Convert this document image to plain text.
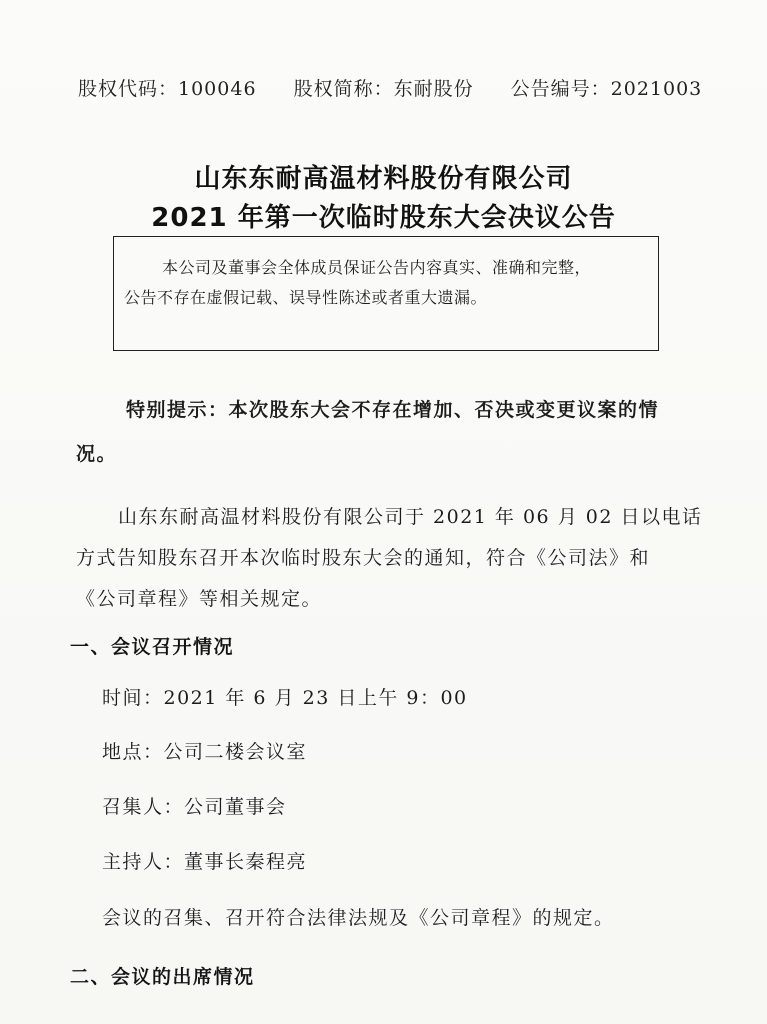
股权代码：100046 股权简称：东耐股份 公告编号：2021003
山东东耐高温材料股份有限公司
2021 年第一次临时股东大会决议公告
本公司及董事会全体成员保证公告内容真实、准确和完整，
公告不存在虚假记载、误导性陈述或者重大遗漏。
特别提示：本次股东大会不存在增加、否决或变更议案的情
况。
山东东耐高温材料股份有限公司于 2021 年 06 月 02 日以电话
方式告知股东召开本次临时股东大会的通知，符合《公司法》和
《公司章程》等相关规定。
一、会议召开情况
时间：2021 年 6 月 23 日上午 9：00
地点：公司二楼会议室
召集人：公司董事会
主持人：董事长秦程亮
会议的召集、召开符合法律法规及《公司章程》的规定。
二、会议的出席情况
